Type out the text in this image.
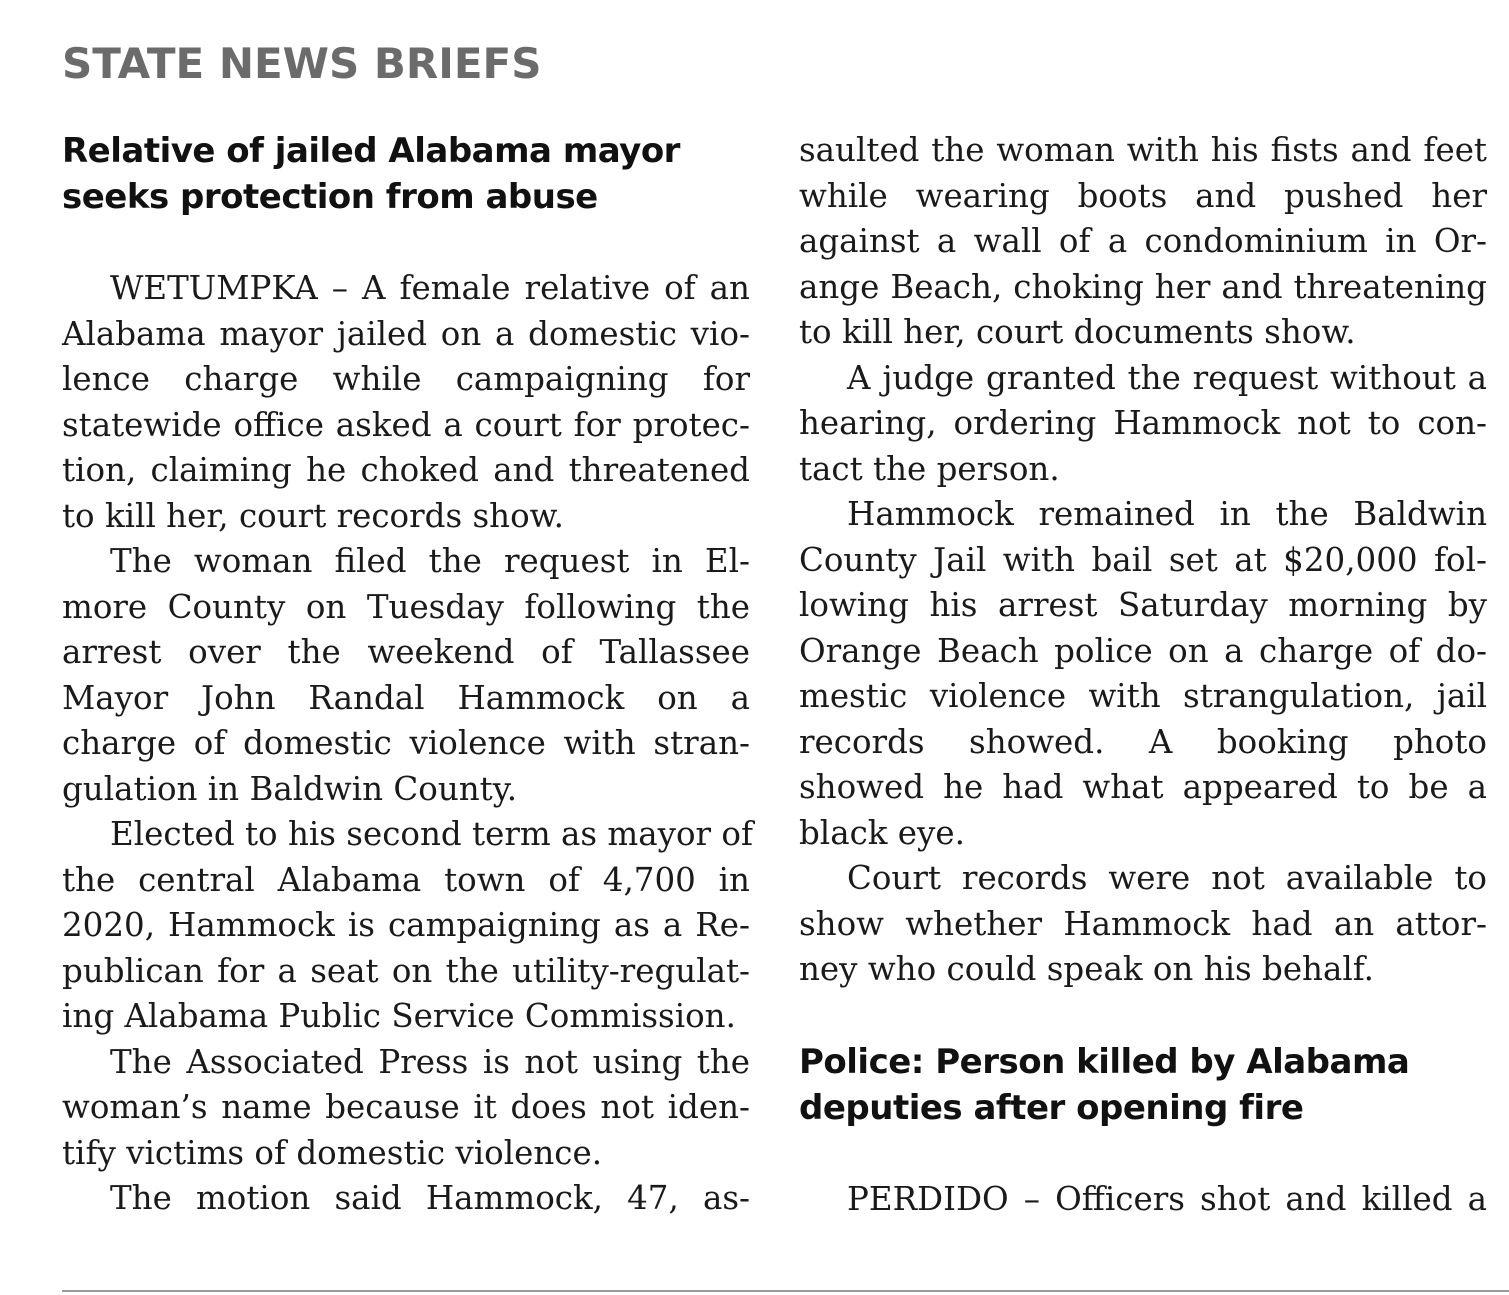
STATE NEWS BRIEFS
Relative of jailed Alabama mayor
seeks protection from abuse

WETUMPKA – A female relative of an
Alabama mayor jailed on a domestic vio-
lence charge while campaigning for
statewide office asked a court for protec-
tion, claiming he choked and threatened
to kill her, court records show.

The woman filed the request in El-
more County on Tuesday following the
arrest over the weekend of Tallassee
Mayor John Randal Hammock on a
charge of domestic violence with stran-
gulation in Baldwin County.

Elected to his second term as mayor of
the central Alabama town of 4,700 in
2020, Hammock is campaigning as a Re-
publican for a seat on the utility-regulat-
ing Alabama Public Service Commission.

The Associated Press is not using the
woman’s name because it does not iden-
tify victims of domestic violence.

The motion said Hammock, 47, as-

saulted the woman with his fists and feet
while wearing boots and pushed her
against a wall of a condominium in Or-
ange Beach, choking her and threatening
to kill her, court documents show.

A judge granted the request without a
hearing, ordering Hammock not to con-
tact the person.

Hammock remained in the Baldwin
County Jail with bail set at $20,000 fol-
lowing his arrest Saturday morning by
Orange Beach police on a charge of do-
mestic violence with strangulation, jail
records showed. A booking photo
showed he had what appeared to be a
black eye.

Court records were not available to
show whether Hammock had an attor-
ney who could speak on his behalf.

Police: Person killed by Alabama
deputies after opening fire

PERDIDO – Officers shot and killed a
